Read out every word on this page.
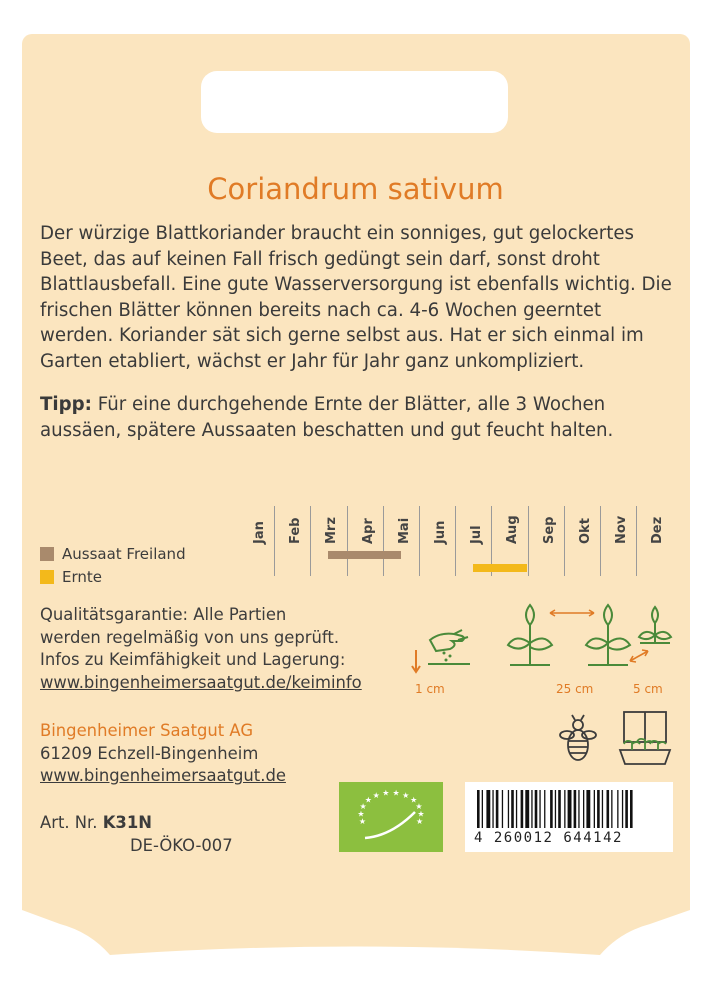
Coriandrum sativum

Der würzige Blattkoriander braucht ein sonniges, gut gelockertes Beet, das auf keinen Fall frisch gedüngt sein darf, sonst droht Blattlausbefall. Eine gute Wasserversorgung ist ebenfalls wichtig. Die frischen Blätter können bereits nach ca. 4-6 Wochen geerntet werden. Koriander sät sich gerne selbst aus. Hat er sich einmal im Garten etabliert, wächst er Jahr für Jahr ganz unkompliziert.

Tipp: Für eine durchgehende Ernte der Blätter, alle 3 Wochen aussäen, spätere Aussaaten beschatten und gut feucht halten.

Aussaat Freiland
Ernte
Jan Feb Mrz Apr Mai Jun Jul Aug Sep Okt Nov Dez
Qualitätsgarantie: Alle Partien
werden regelmäßig von uns geprüft.
Infos zu Keimfähigkeit und Lagerung:
www.bingenheimersaatgut.de/keiminfo	1 cm	25 cm	5 cm
Bingenheimer Saatgut AG
61209 Echzell-Bingenheim
www.bingenheimersaatgut.de
Art. Nr. K31N
DE-ÖKO-007
★
★
★
★
★ ★ ★ ★
★
★
★
★
4 260012 644142
